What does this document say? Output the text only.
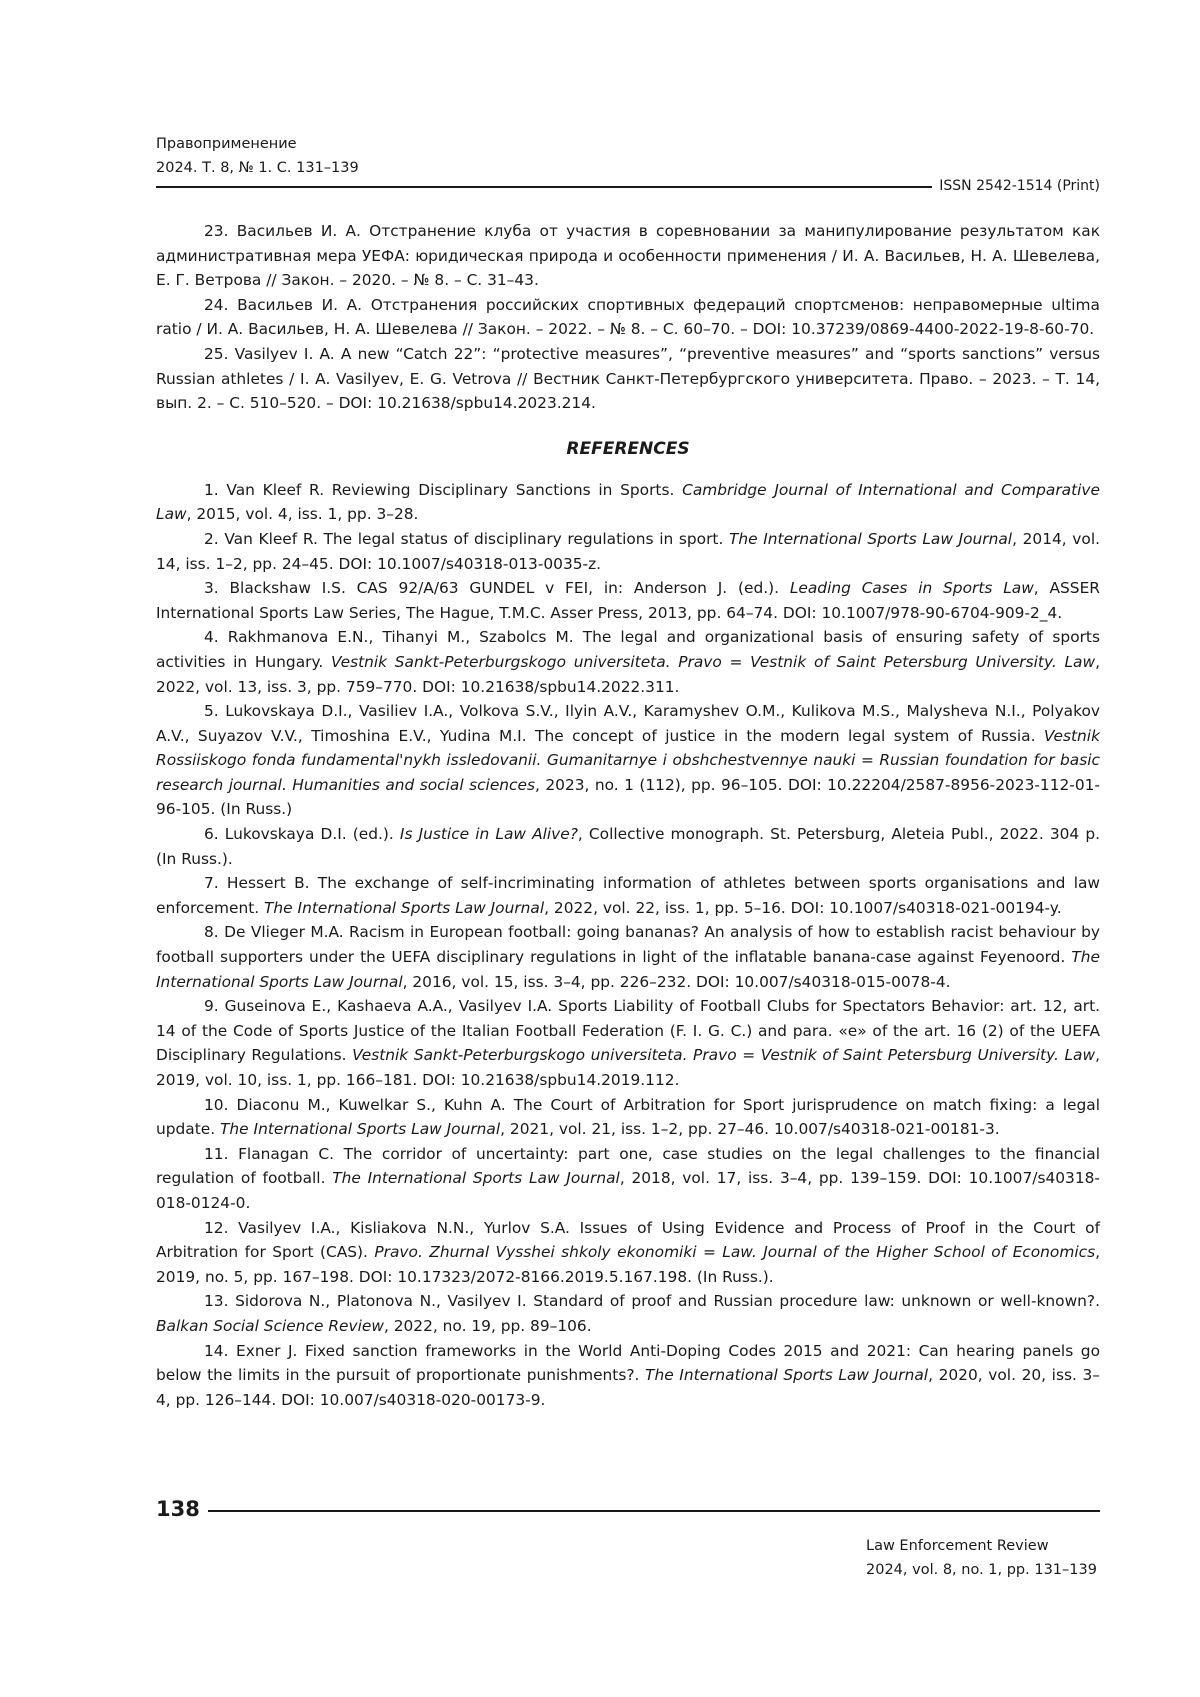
Правоприменение
2024. Т. 8, № 1. С. 131–139
ISSN 2542-1514 (Print)

23. Васильев И. А. Отстранение клуба от участия в соревновании за манипулирование результатом как административная мера УЕФА: юридическая природа и особенности применения / И. А. Васильев, Н. А. Шевелева, Е. Г. Ветрова // Закон. – 2020. – № 8. – С. 31–43.

24. Васильев И. А. Отстранения российских спортивных федераций спортсменов: неправомерные ultima ratio / И. А. Васильев, Н. А. Шевелева // Закон. – 2022. – № 8. – С. 60–70. – DOI: 10.37239/0869-4400-2022-19-8-60-70.

25. Vasilyev I. A. A new “Catch 22”: “protective measures”, “preventive measures” and “sports sanctions” versus Russian athletes / I. A. Vasilyev, E. G. Vetrova // Вестник Санкт-Петербургского университета. Право. – 2023. – Т. 14, вып. 2. – С. 510–520. – DOI: 10.21638/spbu14.2023.214.

REFERENCES

1. Van Kleef R. Reviewing Disciplinary Sanctions in Sports. Cambridge Journal of International and Comparative Law, 2015, vol. 4, iss. 1, pp. 3–28.

2. Van Kleef R. The legal status of disciplinary regulations in sport. The International Sports Law Journal, 2014, vol. 14, iss. 1–2, pp. 24–45. DOI: 10.1007/s40318-013-0035-z.

3. Blackshaw I.S. CAS 92/A/63 GUNDEL v FEI, in: Anderson J. (ed.). Leading Cases in Sports Law, ASSER International Sports Law Series, The Hague, T.M.C. Asser Press, 2013, pp. 64–74. DOI: 10.1007/978-90-6704-909-2_4.

4. Rakhmanova E.N., Tihanyi M., Szabolcs M. The legal and organizational basis of ensuring safety of sports activities in Hungary. Vestnik Sankt-Peterburgskogo universiteta. Pravo = Vestnik of Saint Petersburg University. Law, 2022, vol. 13, iss. 3, pp. 759–770. DOI: 10.21638/spbu14.2022.311.

5. Lukovskaya D.I., Vasiliev I.A., Volkova S.V., Ilyin A.V., Karamyshev O.M., Kulikova M.S., Malysheva N.I., Polyakov A.V., Suyazov V.V., Timoshina E.V., Yudina M.I. The concept of justice in the modern legal system of Russia. Vestnik Rossiiskogo fonda fundamental'nykh issledovanii. Gumanitarnye i obshchestvennye nauki = Russian foundation for basic research journal. Humanities and social sciences, 2023, no. 1 (112), pp. 96–105. DOI: 10.22204/2587-8956-2023-112-01-96-105. (In Russ.)

6. Lukovskaya D.I. (ed.). Is Justice in Law Alive?, Collective monograph. St. Petersburg, Aleteia Publ., 2022. 304 p. (In Russ.).

7. Hessert B. The exchange of self‑incriminating information of athletes between sports organisations and law enforcement. The International Sports Law Journal, 2022, vol. 22, iss. 1, pp. 5–16. DOI: 10.1007/s40318-021-00194-y.

8. De Vlieger M.A. Racism in European football: going bananas? An analysis of how to establish racist behaviour by football supporters under the UEFA disciplinary regulations in light of the inflatable banana-case against Feyenoord. The International Sports Law Journal, 2016, vol. 15, iss. 3–4, pp. 226–232. DOI: 10.007/s40318-015-0078-4.

9. Guseinova E., Kashaeva A.A., Vasilyev I.A. Sports Liability of Football Clubs for Spectators Behavior: art. 12, art. 14 of the Code of Sports Justice of the Italian Football Federation (F. I. G. C.) and para. «e» of the art. 16 (2) of the UEFA Disciplinary Regulations. Vestnik Sankt-Peterburgskogo universiteta. Pravo = Vestnik of Saint Petersburg University. Law, 2019, vol. 10, iss. 1, pp. 166–181. DOI: 10.21638/spbu14.2019.112.

10. Diaconu M., Kuwelkar S., Kuhn A. The Court of Arbitration for Sport jurisprudence on match fixing: a legal update. The International Sports Law Journal, 2021, vol. 21, iss. 1–2, pp. 27–46. 10.007/s40318-021-00181-3.

11. Flanagan C. The corridor of uncertainty: part one, case studies on the legal challenges to the financial regulation of football. The International Sports Law Journal, 2018, vol. 17, iss. 3–4, pp. 139–159. DOI: 10.1007/s40318-018-0124-0.

12. Vasilyev I.A., Kisliakova N.N., Yurlov S.A. Issues of Using Evidence and Process of Proof in the Court of Arbitration for Sport (CAS). Pravo. Zhurnal Vysshei shkoly ekonomiki = Law. Journal of the Higher School of Economics, 2019, no. 5, pp. 167–198. DOI: 10.17323/2072-8166.2019.5.167.198. (In Russ.).

13. Sidorova N., Platonova N., Vasilyev I. Standard of proof and Russian procedure law: unknown or well-known?. Balkan Social Science Review, 2022, no. 19, pp. 89–106.

14. Exner J. Fixed sanction frameworks in the World Anti‑Doping Codes 2015 and 2021: Can hearing panels go below the limits in the pursuit of proportionate punishments?. The International Sports Law Journal, 2020, vol. 20, iss. 3–4, pp. 126–144. DOI: 10.007/s40318-020-00173-9.

138
Law Enforcement Review
2024, vol. 8, no. 1, pp. 131–139
